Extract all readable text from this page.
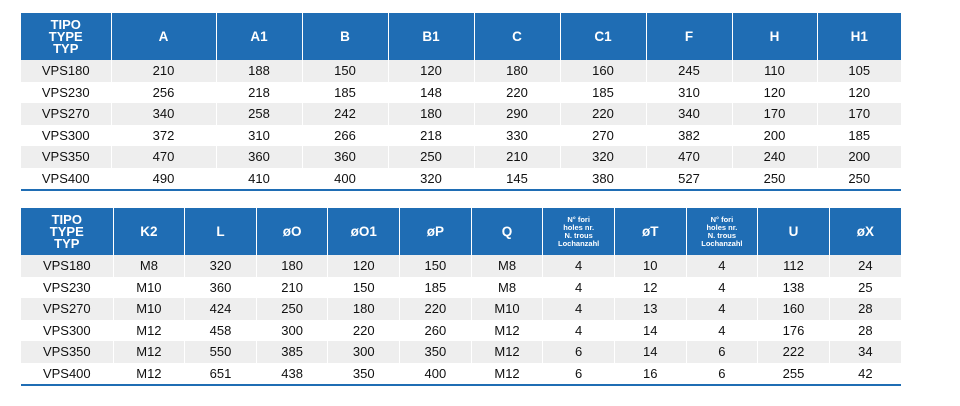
TIPO
TYPE
TYP	A	A1	B	B1	C	C1	F	H	H1
VPS180	210	188	150	120	180	160	245	110	105
VPS230	256	218	185	148	220	185	310	120	120
VPS270	340	258	242	180	290	220	340	170	170
VPS300	372	310	266	218	330	270	382	200	185
VPS350	470	360	360	250	210	320	470	240	200
VPS400	490	410	400	320	145	380	527	250	250
TIPO
TYPE
TYP	K2	L	øO	øO1	øP	Q	N° fori
holes nr.
N. trous
Lochanzahl	øT	N° fori
holes nr.
N. trous
Lochanzahl	U	øX
VPS180	M8	320	180	120	150	M8	4	10	4	112	24
VPS230	M10	360	210	150	185	M8	4	12	4	138	25
VPS270	M10	424	250	180	220	M10	4	13	4	160	28
VPS300	M12	458	300	220	260	M12	4	14	4	176	28
VPS350	M12	550	385	300	350	M12	6	14	6	222	34
VPS400	M12	651	438	350	400	M12	6	16	6	255	42
